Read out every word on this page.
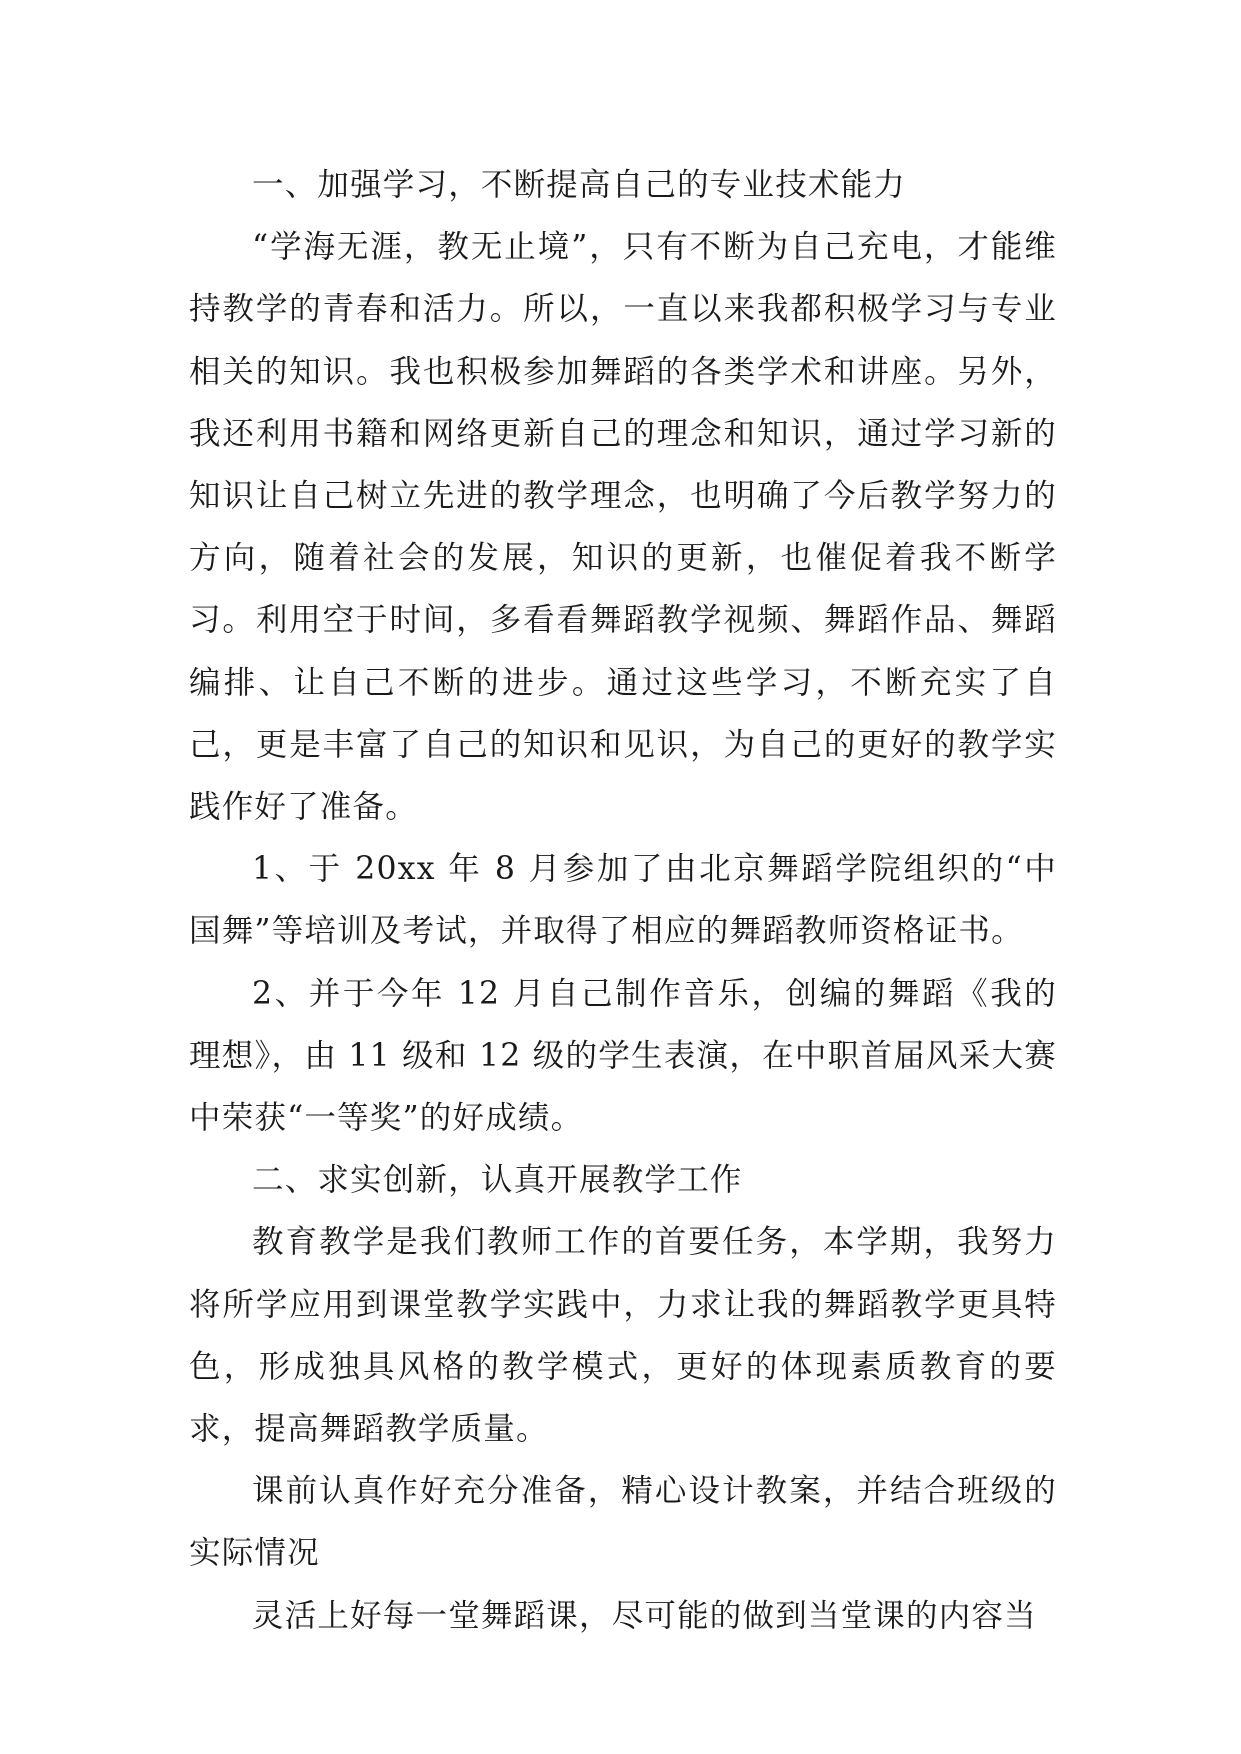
一、加强学习，不断提高自己的专业技术能力

“学海无涯，教无止境”，只有不断为自己充电，才能维持教学的青春和活力。所以，一直以来我都积极学习与专业相关的知识。我也积极参加舞蹈的各类学术和讲座。另外，我还利用书籍和网络更新自己的理念和知识，通过学习新的知识让自己树立先进的教学理念，也明确了今后教学努力的方向，随着社会的发展，知识的更新，也催促着我不断学习。利用空于时间，多看看舞蹈教学视频、舞蹈作品、舞蹈编排、让自己不断的进步。通过这些学习，不断充实了自己，更是丰富了自己的知识和见识，为自己的更好的教学实践作好了准备。

1、于 20xx 年 8 月参加了由北京舞蹈学院组织的“中国舞”等培训及考试，并取得了相应的舞蹈教师资格证书。

2、并于今年 12 月自己制作音乐，创编的舞蹈《我的理想》，由 11 级和 12 级的学生表演，在中职首届风采大赛中荣获“一等奖”的好成绩。

二、求实创新，认真开展教学工作

教育教学是我们教师工作的首要任务，本学期，我努力将所学应用到课堂教学实践中，力求让我的舞蹈教学更具特色，形成独具风格的教学模式，更好的体现素质教育的要求，提高舞蹈教学质量。

课前认真作好充分准备，精心设计教案，并结合班级的实际情况

灵活上好每一堂舞蹈课，尽可能的做到当堂课的内容当
